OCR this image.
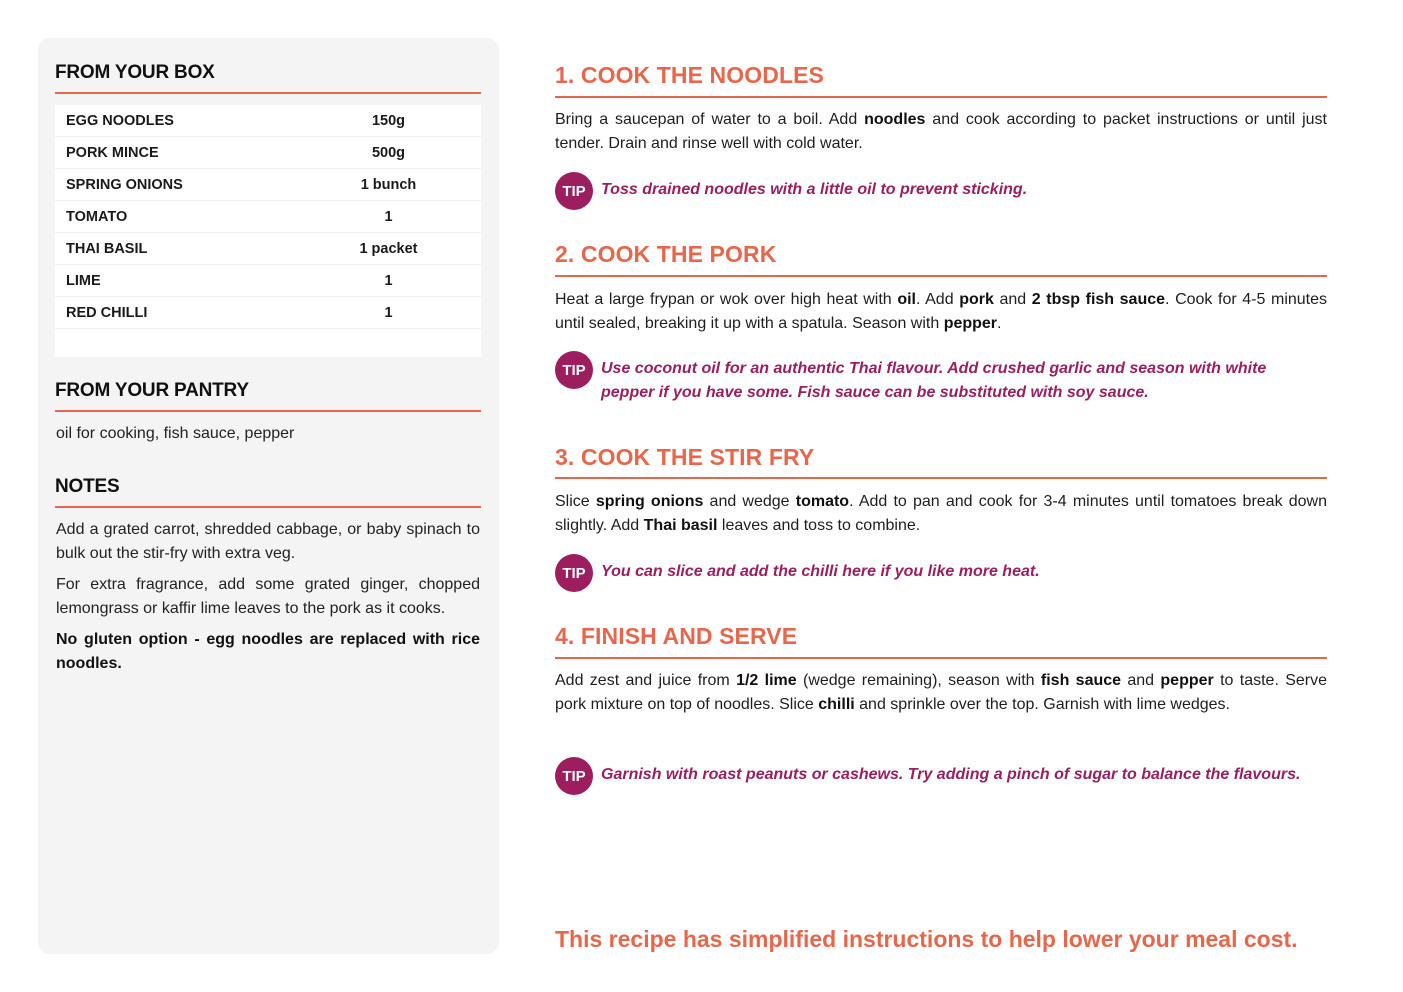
FROM YOUR BOX
EGG NOODLES	150g
PORK MINCE	500g
SPRING ONIONS	1 bunch
TOMATO	1
THAI BASIL	1 packet
LIME	1
RED CHILLI	1
FROM YOUR PANTRY
oil for cooking, fish sauce, pepper
NOTES

Add a grated carrot, shredded cabbage, or baby spinach to bulk out the stir-fry with extra veg.

For extra fragrance, add some grated ginger, chopped lemongrass or kaffir lime leaves to the pork as it cooks.

No gluten option - egg noodles are replaced with rice noodles.

1. COOK THE NOODLES
Bring a saucepan of water to a boil. Add noodles and cook according to packet instructions or until just tender. Drain and rinse well with cold water.
TIP Toss drained noodles with a little oil to prevent sticking.
2. COOK THE PORK
Heat a large frypan or wok over high heat with oil. Add pork and 2 tbsp fish sauce. Cook for 4-5 minutes until sealed, breaking it up with a spatula. Season with pepper.
TIP Use coconut oil for an authentic Thai flavour. Add crushed garlic and season with white pepper if you have some. Fish sauce can be substituted with soy sauce.
3. COOK THE STIR FRY
Slice spring onions and wedge tomato. Add to pan and cook for 3-4 minutes until tomatoes break down slightly. Add Thai basil leaves and toss to combine.
TIP You can slice and add the chilli here if you like more heat.
4. FINISH AND SERVE
Add zest and juice from 1/2 lime (wedge remaining), season with fish sauce and pepper to taste. Serve pork mixture on top of noodles. Slice chilli and sprinkle over the top. Garnish with lime wedges.
TIP Garnish with roast peanuts or cashews. Try adding a pinch of sugar to balance the flavours.
This recipe has simplified instructions to help lower your meal cost.
